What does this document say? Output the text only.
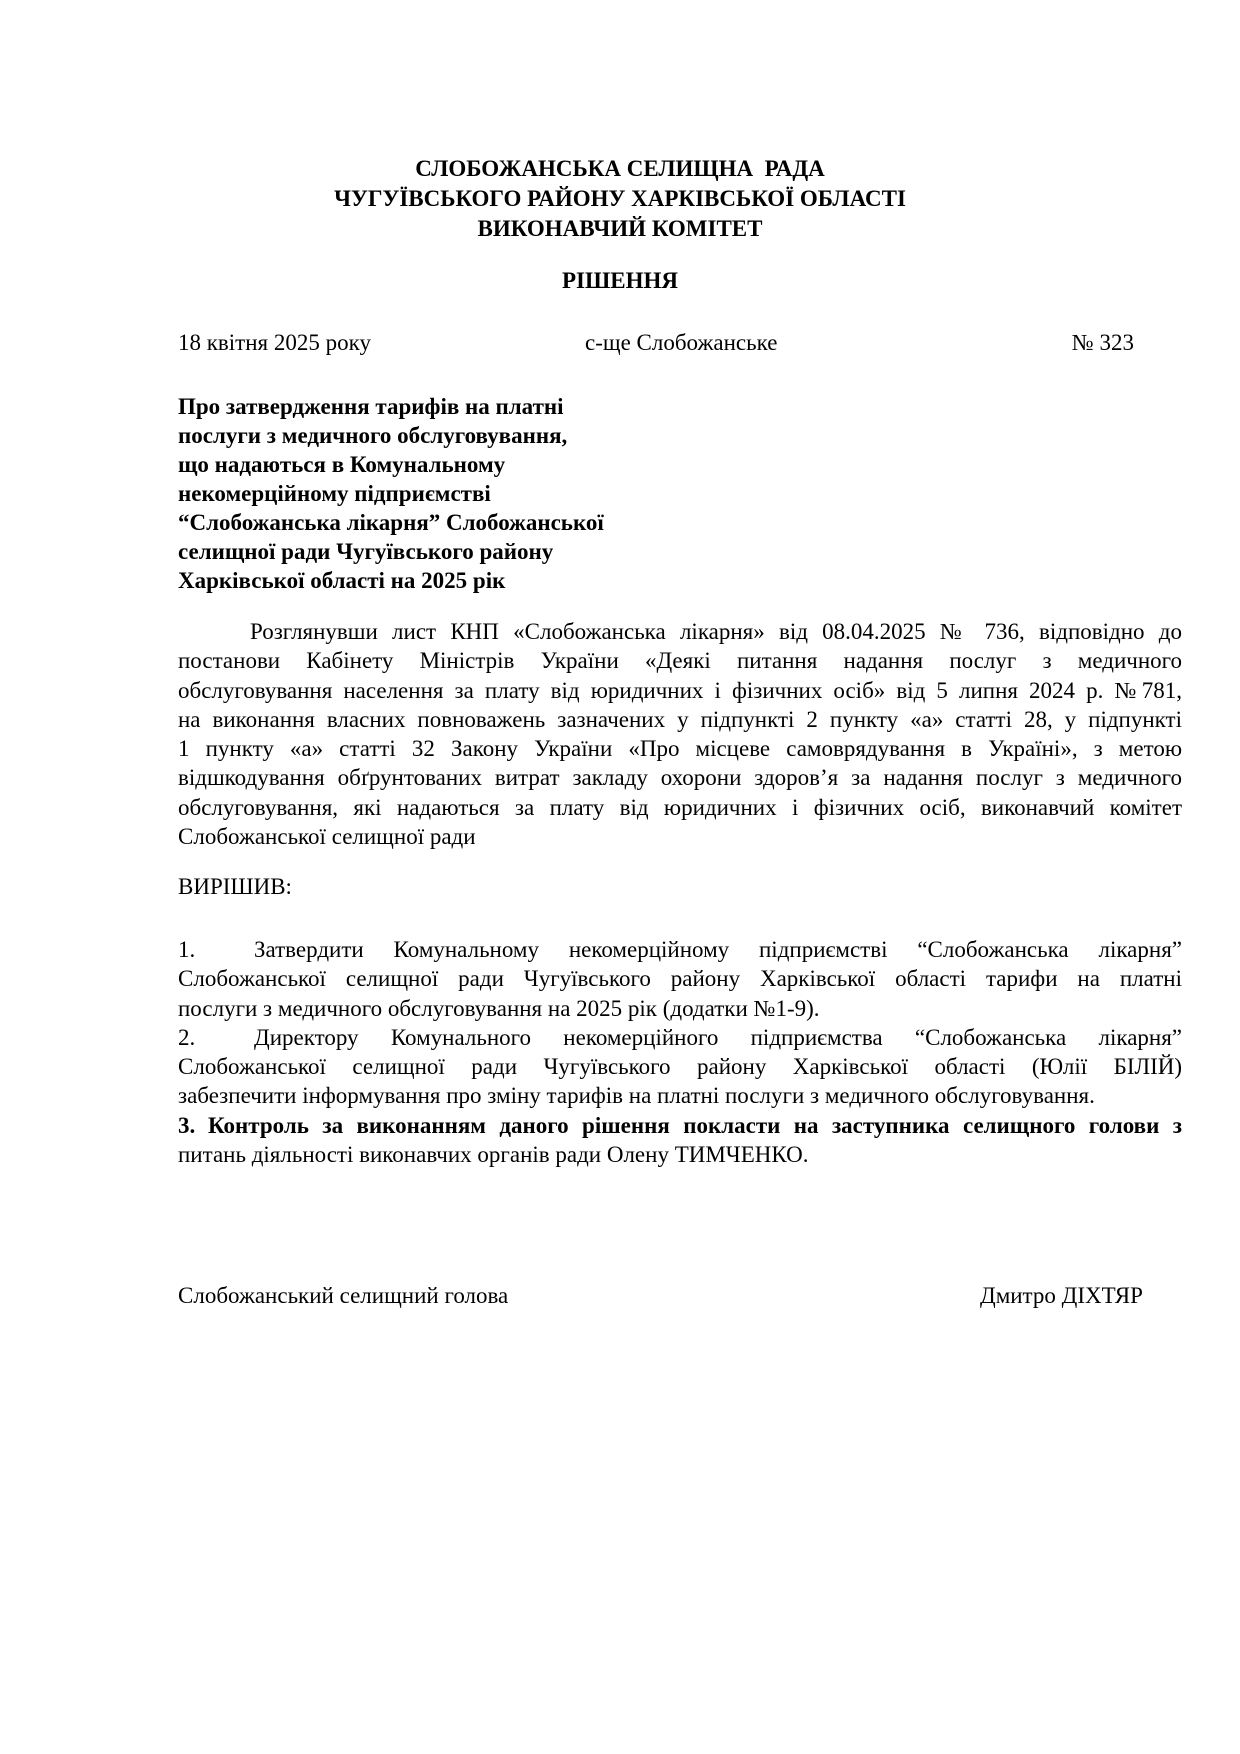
СЛОБОЖАНСЬКА СЕЛИЩНА  РАДА
ЧУГУЇВСЬКОГО РАЙОНУ ХАРКІВСЬКОЇ ОБЛАСТІ
ВИКОНАВЧИЙ КОМІТЕТ
РІШЕННЯ
18 квітня 2025 року	с-ще Слобожанське	№ 323
Про затвердження тарифів на платні
послуги з медичного обслуговування,
що надаються в Комунальному
некомерційному підприємстві
“Слобожанська лікарня” Слобожанської
селищної ради Чугуївського району
Харківської області на 2025 рік
Розглянувши лист КНП «Слобожанська лікарня» від 08.04.2025 № 736, відповідно до
постанови Кабінету Міністрів України «Деякі питання надання послуг з медичного
обслуговування населення за плату від юридичних і фізичних осіб» від 5 липня 2024 р. №781,
на виконання власних повноважень зазначених у підпункті 2 пункту «а» статті 28, у підпункті
1 пункту «а» статті 32 Закону України «Про місцеве самоврядування в Україні», з метою
відшкодування обґрунтованих витрат закладу охорони здоров’я за надання послуг з медичного
обслуговування, які надаються за плату від юридичних і фізичних осіб, виконавчий комітет
Слобожанської селищної ради
ВИРІШИВ:
1.	Затвердити Комунальному некомерційному підприємстві “Слобожанська лікарня”
Слобожанської селищної ради Чугуївського району Харківської області тарифи на платні
послуги з медичного обслуговування на 2025 рік (додатки №1-9).
2.	Директору Комунального некомерційного підприємства “Слобожанська лікарня”
Слобожанської селищної ради Чугуївського району Харківської області (Юлії БІЛІЙ)
забезпечити інформування про зміну тарифів на платні послуги з медичного обслуговування.
3. Контроль за виконанням даного рішення покласти на заступника селищного голови з
питань діяльності виконавчих органів ради Олену ТИМЧЕНКО.
Слобожанський селищний голова	Дмитро ДІХТЯР
